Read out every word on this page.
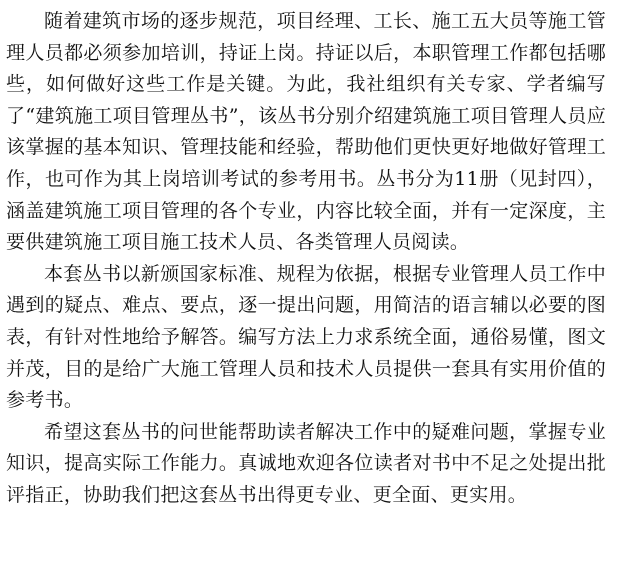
随着建筑市场的逐步规范，项目经理、工长、施工五大员等施工管理人员都必须参加培训，持证上岗。持证以后，本职管理工作都包括哪些，如何做好这些工作是关键。为此，我社组织有关专家、学者编写了“建筑施工项目管理丛书”，该丛书分别介绍建筑施工项目管理人员应该掌握的基本知识、管理技能和经验，帮助他们更快更好地做好管理工作，也可作为其上岗培训考试的参考用书。丛书分为11册（见封四），涵盖建筑施工项目管理的各个专业，内容比较全面，并有一定深度，主要供建筑施工项目施工技术人员、各类管理人员阅读。

本套丛书以新颁国家标准、规程为依据，根据专业管理人员工作中遇到的疑点、难点、要点，逐一提出问题，用简洁的语言辅以必要的图表，有针对性地给予解答。编写方法上力求系统全面，通俗易懂，图文并茂，目的是给广大施工管理人员和技术人员提供一套具有实用价值的参考书。

希望这套丛书的问世能帮助读者解决工作中的疑难问题，掌握专业知识，提高实际工作能力。真诚地欢迎各位读者对书中不足之处提出批评指正，协助我们把这套丛书出得更专业、更全面、更实用。
